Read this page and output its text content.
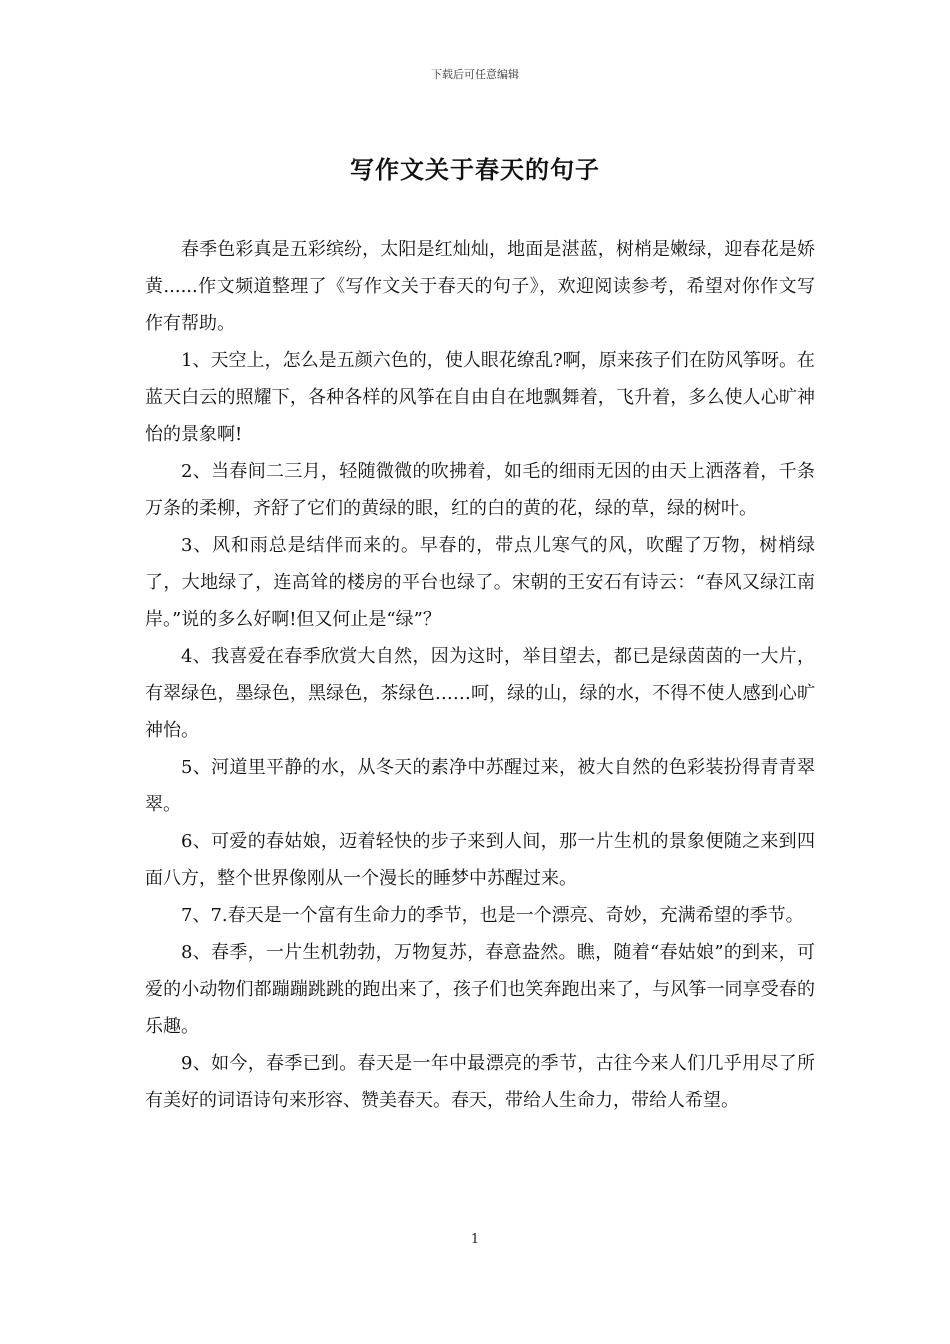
下载后可任意编辑
写作文关于春天的句子

春季色彩真是五彩缤纷，太阳是红灿灿，地面是湛蓝，树梢是嫩绿，迎春花是娇黄......作文频道整理了《写作文关于春天的句子》，欢迎阅读参考，希望对你作文写作有帮助。

1、天空上，怎么是五颜六色的，使人眼花缭乱?啊，原来孩子们在防风筝呀。在蓝天白云的照耀下，各种各样的风筝在自由自在地飘舞着，飞升着，多么使人心旷神怡的景象啊!

2、当春间二三月，轻随微微的吹拂着，如毛的细雨无因的由天上洒落着，千条万条的柔柳，齐舒了它们的黄绿的眼，红的白的黄的花，绿的草，绿的树叶。

3、风和雨总是结伴而来的。早春的，带点儿寒气的风，吹醒了万物，树梢绿了，大地绿了，连高耸的楼房的平台也绿了。宋朝的王安石有诗云：“春风又绿江南岸。”说的多么好啊!但又何止是“绿”？

4、我喜爱在春季欣赏大自然，因为这时，举目望去，都已是绿茵茵的一大片，有翠绿色，墨绿色，黑绿色，茶绿色……呵，绿的山，绿的水，不得不使人感到心旷神怡。

5、河道里平静的水，从冬天的素净中苏醒过来，被大自然的色彩装扮得青青翠翠。

6、可爱的春姑娘，迈着轻快的步子来到人间，那一片生机的景象便随之来到四面八方，整个世界像刚从一个漫长的睡梦中苏醒过来。

7、7.春天是一个富有生命力的季节，也是一个漂亮、奇妙，充满希望的季节。

8、春季，一片生机勃勃，万物复苏，春意盎然。瞧，随着“春姑娘”的到来，可爱的小动物们都蹦蹦跳跳的跑出来了，孩子们也笑奔跑出来了，与风筝一同享受春的乐趣。

9、如今，春季已到。春天是一年中最漂亮的季节，古往今来人们几乎用尽了所有美好的词语诗句来形容、赞美春天。春天，带给人生命力，带给人希望。

1
